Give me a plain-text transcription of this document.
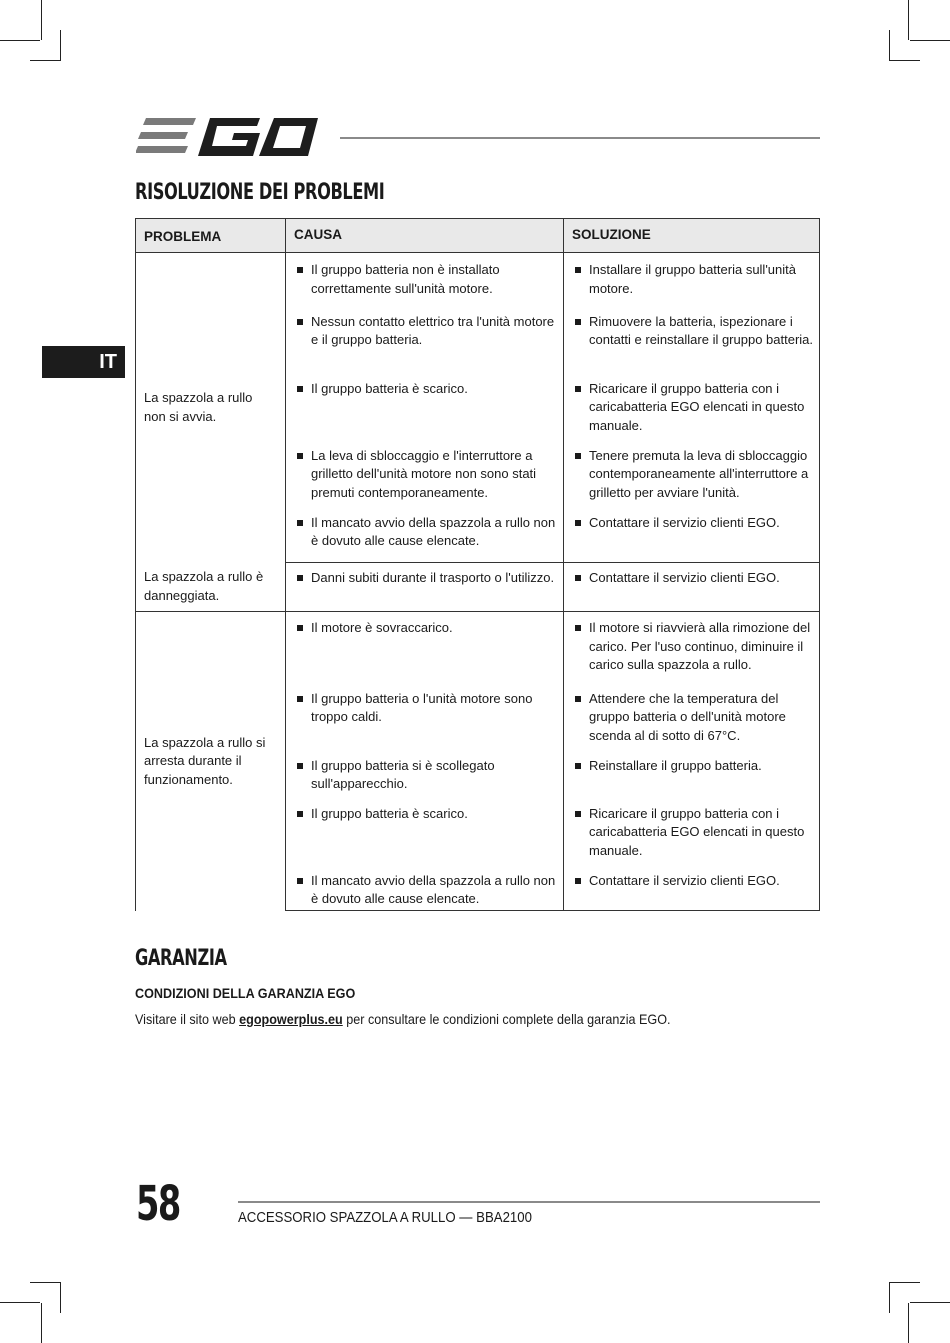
IT
RISOLUZIONE DEI PROBLEMI
PROBLEMA	CAUSA	SOLUZIONE
La spazzola a rullo non si avvia.	Il gruppo batteria non è installato correttamente sull'unità motore.	Installare il gruppo batteria sull'unità motore.

	Nessun contatto elettrico tra l'unità motore e il gruppo batteria.	Rimuovere la batteria, ispezionare i contatti e reinstallare il gruppo batteria.

	Il gruppo batteria è scarico.	Ricaricare il gruppo batteria con i caricabatteria EGO elencati in questo manuale.

	La leva di sbloccaggio e l'interruttore a grilletto dell'unità motore non sono stati premuti contemporaneamente.	Tenere premuta la leva di sbloccaggio contemporaneamente all'interruttore a grilletto per avviare l'unità.

	Il mancato avvio della spazzola a rullo non è dovuto alle cause elencate.	Contattare il servizio clienti EGO.

La spazzola a rullo è danneggiata.	Danni subiti durante il trasporto o l'utilizzo.	Contattare il servizio clienti EGO.

La spazzola a rullo si arresta durante il funzionamento.	Il motore è sovraccarico.	Il motore si riavvierà alla rimozione del carico. Per l'uso continuo, diminuire il carico sulla spazzola a rullo.

	Il gruppo batteria o l'unità motore sono troppo caldi.	Attendere che la temperatura del gruppo batteria o dell'unità motore scenda al di sotto di 67°C.

	Il gruppo batteria si è scollegato sull'apparecchio.	Reinstallare il gruppo batteria.

	Il gruppo batteria è scarico.	Ricaricare il gruppo batteria con i caricabatteria EGO elencati in questo manuale.

	Il mancato avvio della spazzola a rullo non è dovuto alle cause elencate.	Contattare il servizio clienti EGO.
GARANZIA

CONDIZIONI DELLA GARANZIA EGO

Visitare il sito web egopowerplus.eu per consultare le condizioni complete della garanzia EGO.

58	ACCESSORIO SPAZZOLA A RULLO — BBA2100
